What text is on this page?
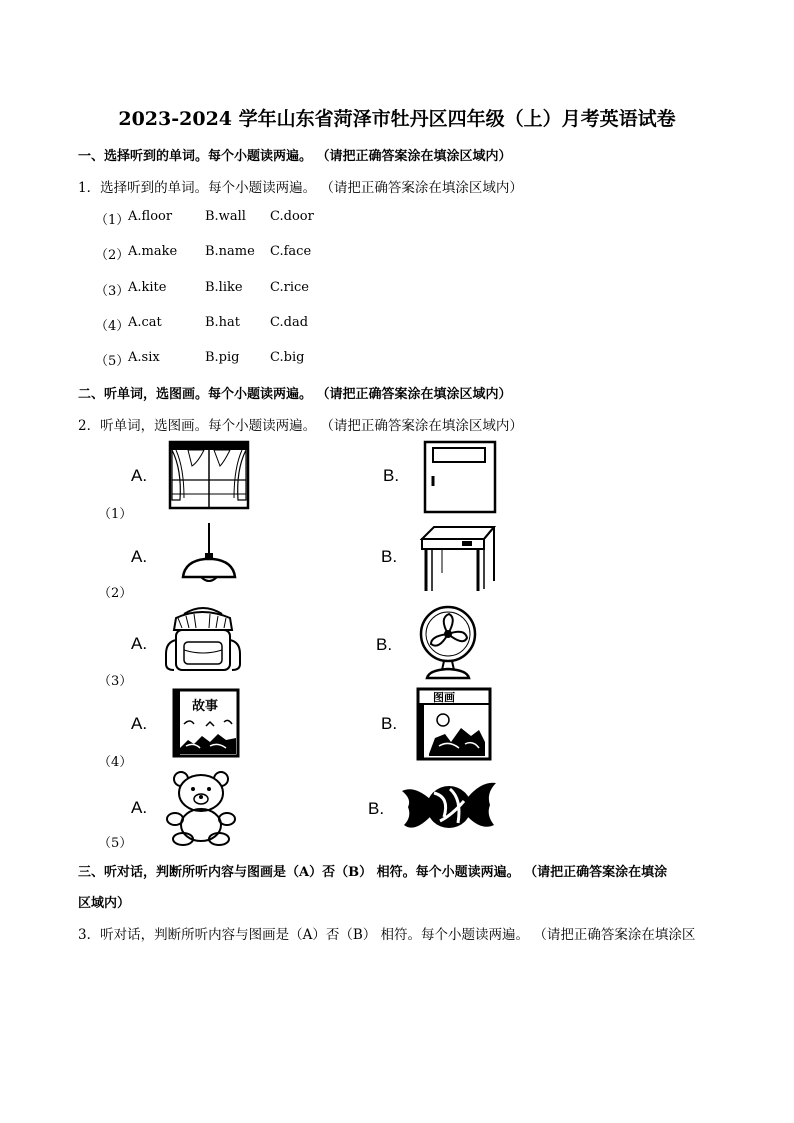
2023-2024 学年山东省菏泽市牡丹区四年级（上）月考英语试卷
一、选择听到的单词。每个小题读两遍。 （请把正确答案涂在填涂区域内）
1．选择听到的单词。每个小题读两遍。 （请把正确答案涂在填涂区域内）
（1）
A.floor	B.wall C.door
（2）
A.make B.name C.face
（3）
A.kite	B.like C.rice
（4）
A.cat	B.hat C.dad
（5）
A.six	B.pig C.big
二、听单词，选图画。每个小题读两遍。 （请把正确答案涂在填涂区域内）
2．听单词，选图画。每个小题读两遍。 （请把正确答案涂在填涂区域内）
A.
（1）
B.
A.
（2）
B.
A.
（3）
B.
A.
故事
（4）
B.
图画
A.
（5）
B.
三、听对话，判断所听内容与图画是（A）否（B） 相符。每个小题读两遍。 （请把正确答案涂在填涂
区域内）
3．听对话，判断所听内容与图画是（A）否（B） 相符。每个小题读两遍。 （请把正确答案涂在填涂区
